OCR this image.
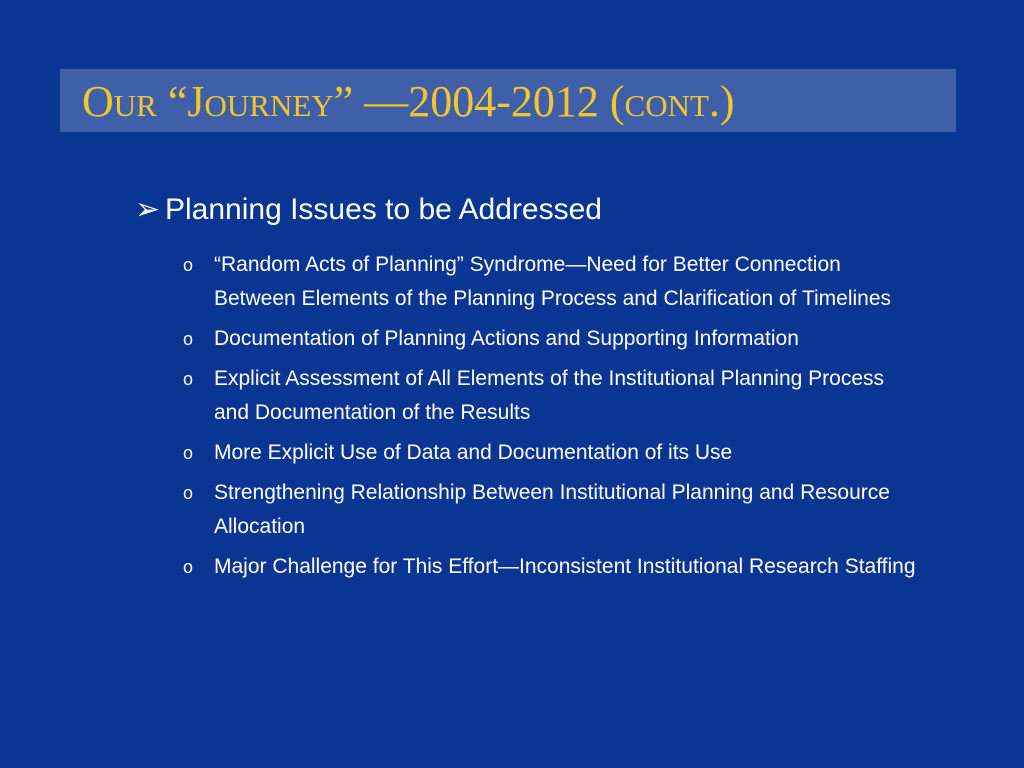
Our “Journey” —2004-2012 (cont.)
➢ Planning Issues to be Addressed
o “Random Acts of Planning” Syndrome—Need for Better Connection Between Elements of the Planning Process and Clarification of Timelines
o Documentation of Planning Actions and Supporting Information
o Explicit Assessment of All Elements of the Institutional Planning Process and Documentation of the Results
o More Explicit Use of Data and Documentation of its Use
o Strengthening Relationship Between Institutional Planning and Resource Allocation
o Major Challenge for This Effort—Inconsistent Institutional Research Staffing
